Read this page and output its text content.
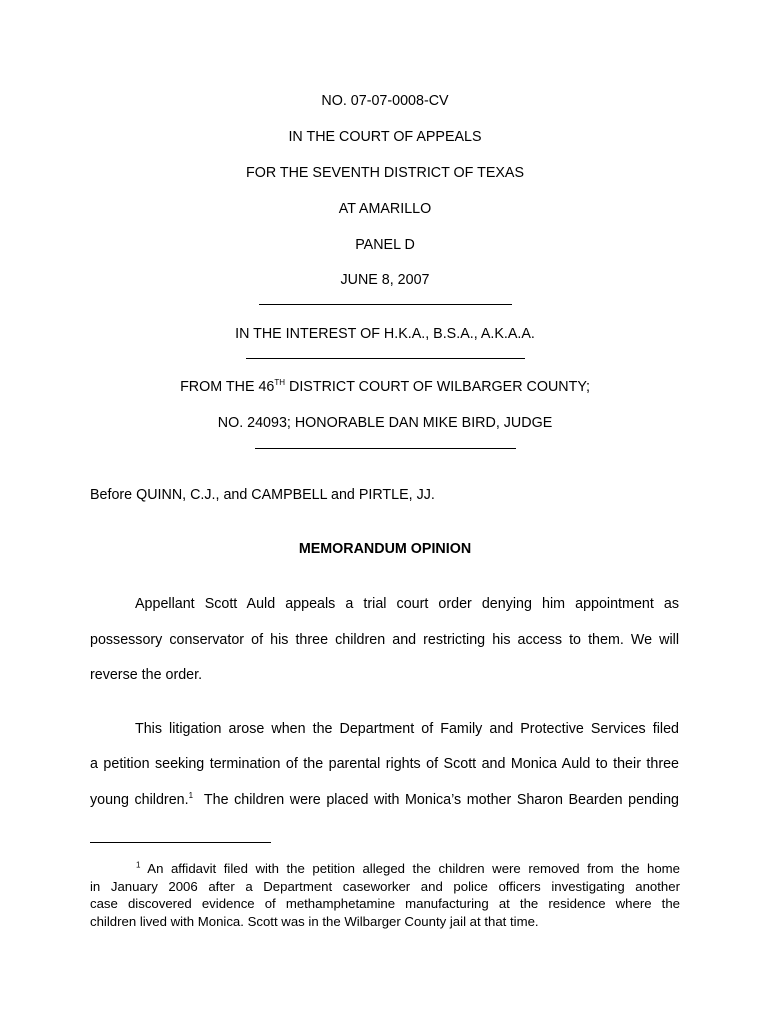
NO. 07-07-0008-CV
IN THE COURT OF APPEALS
FOR THE SEVENTH DISTRICT OF TEXAS
AT AMARILLO
PANEL D
JUNE 8, 2007
IN THE INTEREST OF H.K.A., B.S.A., A.K.A.A.
FROM THE 46TH DISTRICT COURT OF WILBARGER COUNTY;
NO. 24093; HONORABLE DAN MIKE BIRD, JUDGE
Before QUINN, C.J., and CAMPBELL and PIRTLE, JJ.
MEMORANDUM OPINION
Appellant Scott Auld appeals a trial court order denying him appointment as
possessory conservator of his three children and restricting his access to them. We will
reverse the order.
This litigation arose when the Department of Family and Protective Services filed
a petition seeking termination of the parental rights of Scott and Monica Auld to their three
young children.$^1$  The children were placed with Monica’s mother Sharon Bearden pending
$^1$ An affidavit filed with the petition alleged the children were removed from the home
in January 2006 after a Department caseworker and police officers investigating another
case discovered evidence of methamphetamine manufacturing at the residence where the
children lived with Monica. Scott was in the Wilbarger County jail at that time.
